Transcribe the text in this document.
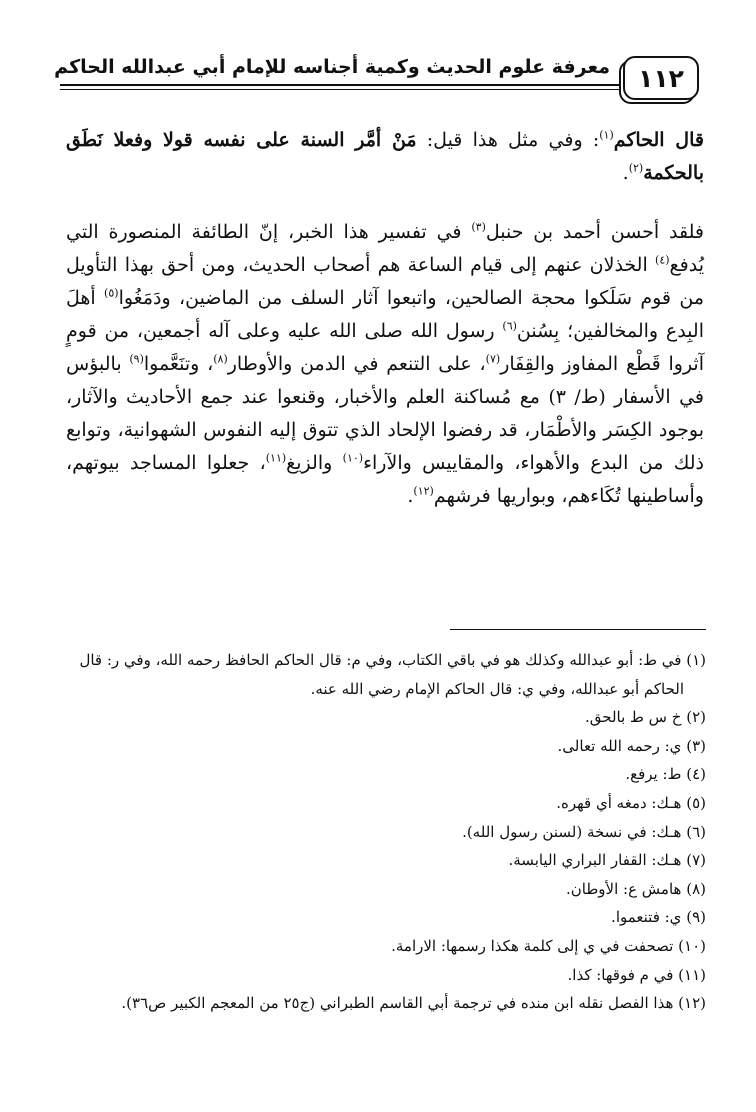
معرفة علوم الحديث وكمية أجناسه للإمام أبي عبدالله الحاكم ١١٢

قال الحاكم$^{(١)}$: وفي مثل هذا قيل: مَنْ أمَّر السنة على نفسه قولا وفعلا نَطَق بالحكمة$^{(٢)}$.

فلقد أحسن أحمد بن حنبل$^{(٣)}$ في تفسير هذا الخبر، إنّ الطائفة المنصورة التي يُدفع$^{(٤)}$ الخذلان عنهم إلى قيام الساعة هم أصحاب الحديث، ومن أحق بهذا التأويل من قوم سَلَكوا محجة الصالحين، واتبعوا آثار السلف من الماضين، ودَمَغُوا$^{(٥)}$ أهلَ البِدع والمخالفين؛ بِسُنن$^{(٦)}$ رسول الله صلى الله عليه وعلى آله أجمعين، من قومٍ آثروا قَطْع المفاوز والقِفَار$^{(٧)}$، على التنعم في الدمن والأوطار$^{(٨)}$، وتنَعَّموا$^{(٩)}$ بالبؤس في الأسفار (ط/ ٣) مع مُساكنة العلم والأخبار، وقنعوا عند جمع الأحاديث والآثار، بوجود الكِسَر والأطْمَار، قد رفضوا الإلحاد الذي تتوق إليه النفوس الشهوانية، وتوابع ذلك من البدع والأهواء، والمقاييس والآراء$^{(١٠)}$ والزيغ$^{(١١)}$، جعلوا المساجد بيوتهم، وأساطينها تُكَاءهم، وبواريها فرشهم$^{(١٢)}$.

(١) في ط: أبو عبدالله وكذلك هو في باقي الكتاب، وفي م: قال الحاكم الحافظ رحمه الله، وفي ر: قال
الحاكم أبو عبدالله، وفي ي: قال الحاكم الإمام رضي الله عنه.
(٢) خ س ط بالحق.
(٣) ي: رحمه الله تعالى.
(٤) ط: يرفع.
(٥) هـك: دمغه أي قهره.
(٦) هـك: في نسخة (لسنن رسول الله).
(٧) هـك: القفار البراري اليابسة.
(٨) هامش ع: الأوطان.
(٩) ي: فتنعموا.
(١٠) تصحفت في ي إلى كلمة هكذا رسمها: الارامة.
(١١) في م فوقها: كذا.
(١٢) هذا الفصل نقله ابن منده في ترجمة أبي القاسم الطبراني (ج٢٥ من المعجم الكبير ص٣٦).
